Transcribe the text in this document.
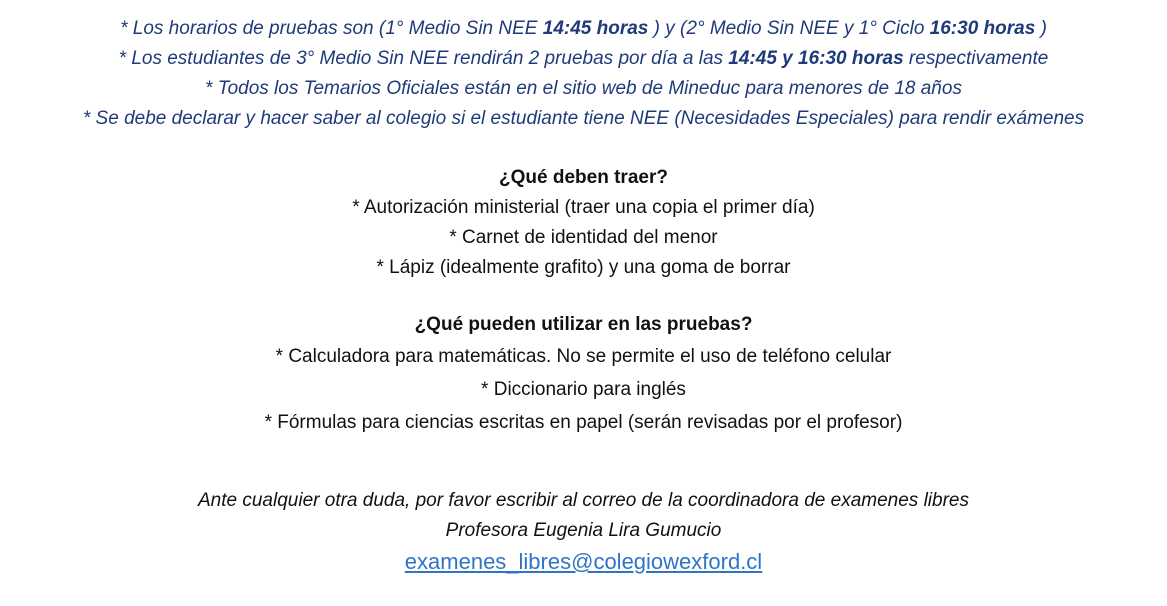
* Los horarios de pruebas son (1° Medio Sin NEE 14:45 horas ) y (2° Medio Sin NEE y 1° Ciclo 16:30 horas )
* Los estudiantes de 3° Medio Sin NEE rendirán 2 pruebas por día a las 14:45 y 16:30 horas respectivamente
* Todos los Temarios Oficiales están en el sitio web de Mineduc para menores de 18 años
* Se debe declarar y hacer saber al colegio si el estudiante tiene NEE (Necesidades Especiales) para rendir exámenes
¿Qué deben traer?
* Autorización ministerial (traer una copia el primer día)
* Carnet de identidad del menor
* Lápiz (idealmente grafito) y una goma de borrar
¿Qué pueden utilizar en las pruebas?
* Calculadora para matemáticas. No se permite el uso de teléfono celular
* Diccionario para inglés
* Fórmulas para ciencias escritas en papel (serán revisadas por el profesor)
Ante cualquier otra duda, por favor escribir al correo de la coordinadora de examenes libres
Profesora Eugenia Lira Gumucio
examenes_libres@colegiowexford.cl
